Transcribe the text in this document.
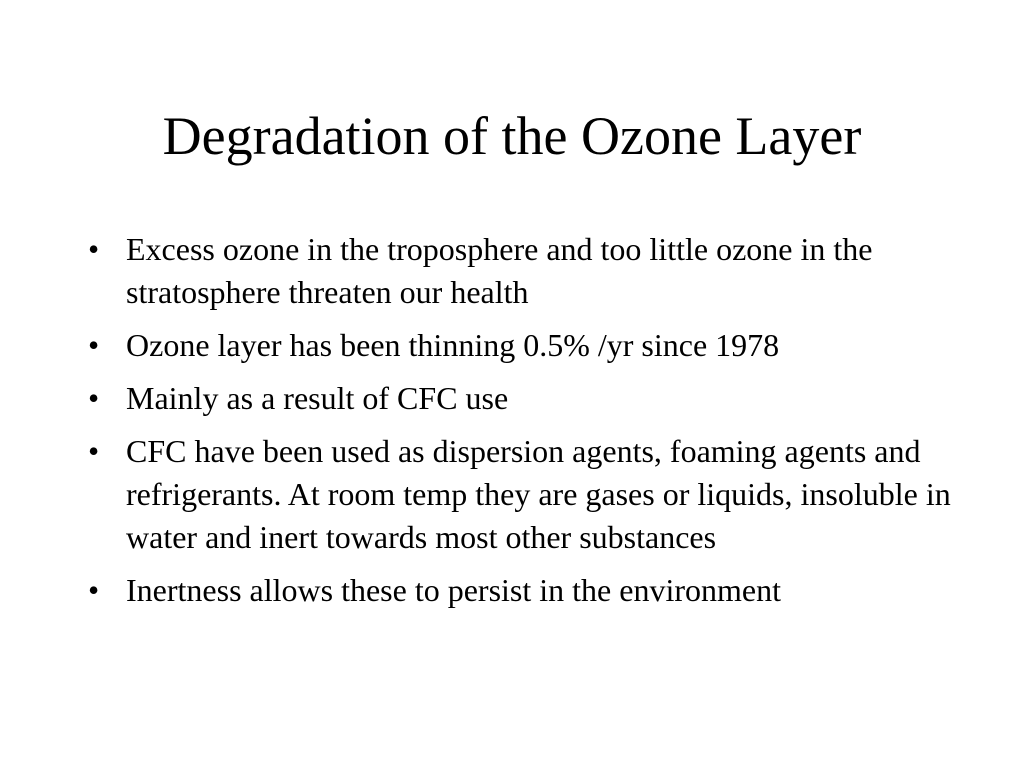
Degradation of the Ozone Layer
• Excess ozone in the troposphere and too little ozone in the stratosphere threaten our health
• Ozone layer has been thinning 0.5% /yr since 1978
• Mainly as a result of CFC use
• CFC have been used as dispersion agents, foaming agents and refrigerants. At room temp they are gases or liquids, insoluble in water and inert towards most other substances
• Inertness allows these to persist in the environment
